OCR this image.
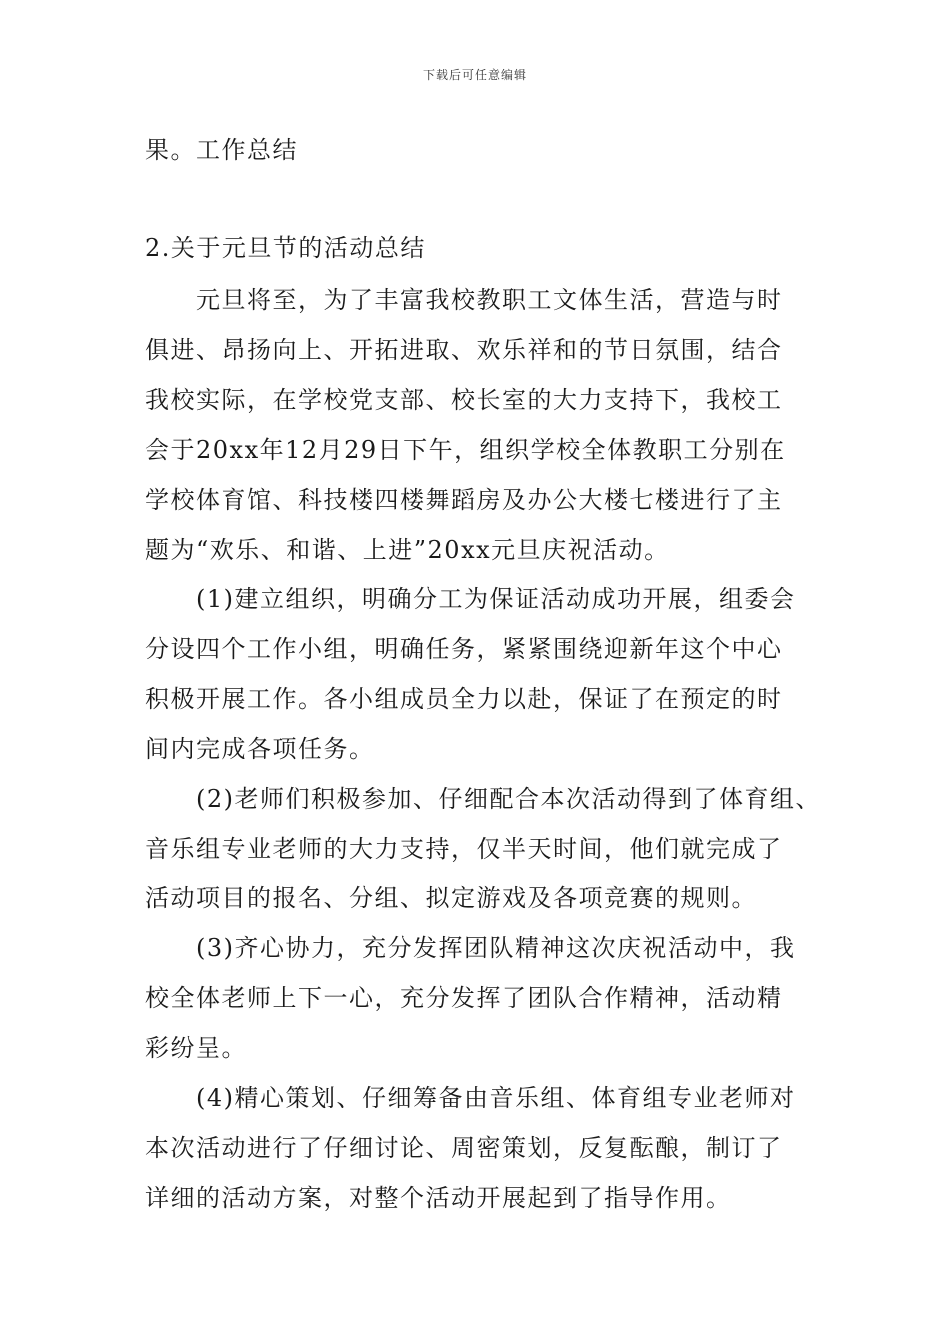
下载后可任意编辑
果。工作总结
2.关于元旦节的活动总结
元旦将至，为了丰富我校教职工文体生活，营造与时
俱进、昂扬向上、开拓进取、欢乐祥和的节日氛围，结合
我校实际，在学校党支部、校长室的大力支持下，我校工
会于20xx年12月29日下午，组织学校全体教职工分别在
学校体育馆、科技楼四楼舞蹈房及办公大楼七楼进行了主
题为“欢乐、和谐、上进”20xx元旦庆祝活动。
(1)建立组织，明确分工为保证活动成功开展，组委会
分设四个工作小组，明确任务，紧紧围绕迎新年这个中心
积极开展工作。各小组成员全力以赴，保证了在预定的时
间内完成各项任务。
(2)老师们积极参加、仔细配合本次活动得到了体育组、
音乐组专业老师的大力支持，仅半天时间，他们就完成了
活动项目的报名、分组、拟定游戏及各项竞赛的规则。
(3)齐心协力，充分发挥团队精神这次庆祝活动中，我
校全体老师上下一心，充分发挥了团队合作精神，活动精
彩纷呈。
(4)精心策划、仔细筹备由音乐组、体育组专业老师对
本次活动进行了仔细讨论、周密策划，反复酝酿，制订了
详细的活动方案，对整个活动开展起到了指导作用。
